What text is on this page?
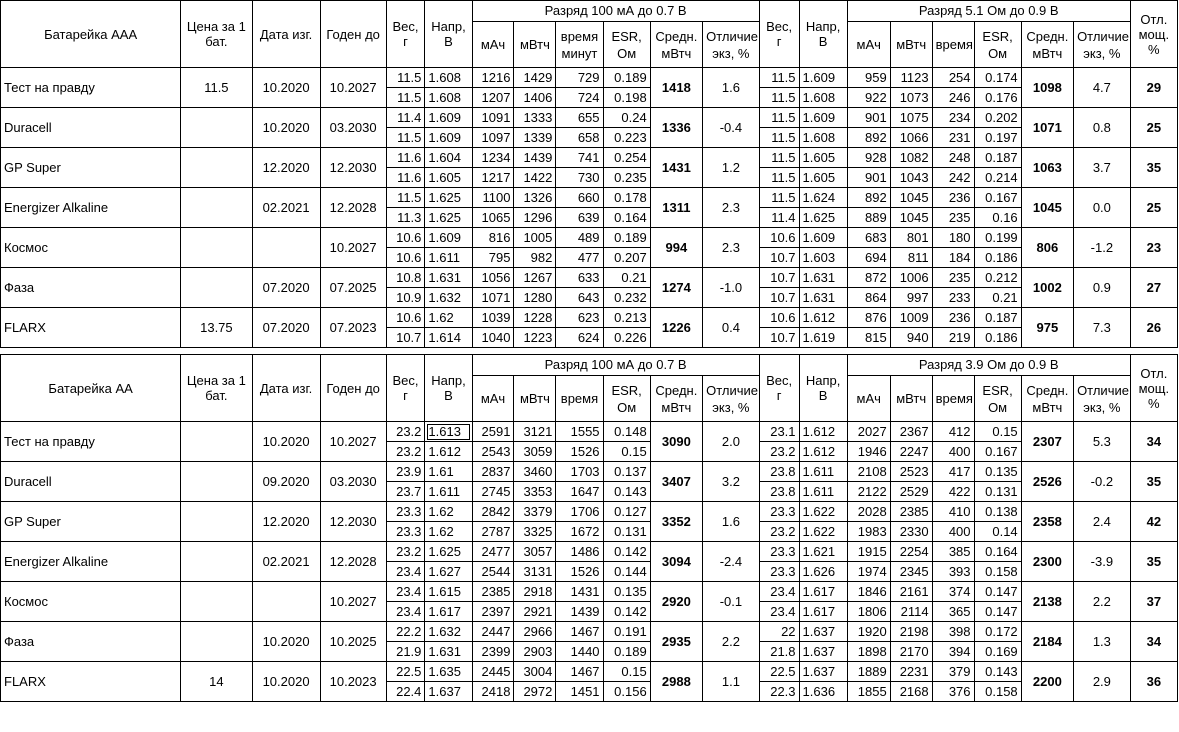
Батарейка ААА	Цена за 1 бат.	Дата изг.	Годен до	Вес, г	Напр, В	Разряд 100 мА до 0.7 В						Вес, г	Напр, В	Разряд 5.1 Ом до 0.9 В						Отл. мощ. %
						мАч	мВтч	время минут	ESR, Ом	Средн. мВтч	Отличие экз, %			мАч	мВтч	время	ESR, Ом	Средн. мВтч	Отличие экз, %	
Тест на правду	11.5	10.2020	10.2027	11.5	1.608	1216	1429	729	0.189	1418	1.6	11.5	1.609	959	1123	254	0.174	1098	4.7	29
				11.5	1.608	1207	1406	724	0.198			11.5	1.608	922	1073	246	0.176			
Duracell		10.2020	03.2030	11.4	1.609	1091	1333	655	0.24	1336	-0.4	11.5	1.609	901	1075	234	0.202	1071	0.8	25
				11.5	1.609	1097	1339	658	0.223			11.5	1.608	892	1066	231	0.197			
GP Super		12.2020	12.2030	11.6	1.604	1234	1439	741	0.254	1431	1.2	11.5	1.605	928	1082	248	0.187	1063	3.7	35
				11.6	1.605	1217	1422	730	0.235			11.5	1.605	901	1043	242	0.214			
Energizer Alkaline		02.2021	12.2028	11.5	1.625	1100	1326	660	0.178	1311	2.3	11.5	1.624	892	1045	236	0.167	1045	0.0	25
				11.3	1.625	1065	1296	639	0.164			11.4	1.625	889	1045	235	0.16			
Космос			10.2027	10.6	1.609	816	1005	489	0.189	994	2.3	10.6	1.609	683	801	180	0.199	806	-1.2	23
				10.6	1.611	795	982	477	0.207			10.7	1.603	694	811	184	0.186			
Фаза		07.2020	07.2025	10.8	1.631	1056	1267	633	0.21	1274	-1.0	10.7	1.631	872	1006	235	0.212	1002	0.9	27
				10.9	1.632	1071	1280	643	0.232			10.7	1.631	864	997	233	0.21			
FLARX	13.75	07.2020	07.2023	10.6	1.62	1039	1228	623	0.213	1226	0.4	10.6	1.612	876	1009	236	0.187	975	7.3	26
				10.7	1.614	1040	1223	624	0.226			10.7	1.619	815	940	219	0.186			

Батарейка АА	Цена за 1 бат.	Дата изг.	Годен до	Вес, г	Напр, В	Разряд 100 мА до 0.7 В						Вес, г	Напр, В	Разряд 3.9 Ом до 0.9 В						Отл. мощ. %
						мАч	мВтч	время	ESR, Ом	Средн. мВтч	Отличие экз, %			мАч	мВтч	время	ESR, Ом	Средн. мВтч	Отличие экз, %	
Тест на правду		10.2020	10.2027	23.2	1.613	2591	3121	1555	0.148	3090	2.0	23.1	1.612	2027	2367	412	0.15	2307	5.3	34
				23.2	1.612	2543	3059	1526	0.15			23.2	1.612	1946	2247	400	0.167			
Duracell		09.2020	03.2030	23.9	1.61	2837	3460	1703	0.137	3407	3.2	23.8	1.611	2108	2523	417	0.135	2526	-0.2	35
				23.7	1.611	2745	3353	1647	0.143			23.8	1.611	2122	2529	422	0.131			
GP Super		12.2020	12.2030	23.3	1.62	2842	3379	1706	0.127	3352	1.6	23.3	1.622	2028	2385	410	0.138	2358	2.4	42
				23.3	1.62	2787	3325	1672	0.131			23.2	1.622	1983	2330	400	0.14			
Energizer Alkaline		02.2021	12.2028	23.2	1.625	2477	3057	1486	0.142	3094	-2.4	23.3	1.621	1915	2254	385	0.164	2300	-3.9	35
				23.4	1.627	2544	3131	1526	0.144			23.3	1.626	1974	2345	393	0.158			
Космос			10.2027	23.4	1.615	2385	2918	1431	0.135	2920	-0.1	23.4	1.617	1846	2161	374	0.147	2138	2.2	37
				23.4	1.617	2397	2921	1439	0.142			23.4	1.617	1806	2114	365	0.147			
Фаза		10.2020	10.2025	22.2	1.632	2447	2966	1467	0.191	2935	2.2	22	1.637	1920	2198	398	0.172	2184	1.3	34
				21.9	1.631	2399	2903	1440	0.189			21.8	1.637	1898	2170	394	0.169			
FLARX	14	10.2020	10.2023	22.5	1.635	2445	3004	1467	0.15	2988	1.1	22.5	1.637	1889	2231	379	0.143	2200	2.9	36
				22.4	1.637	2418	2972	1451	0.156			22.3	1.636	1855	2168	376	0.158			
